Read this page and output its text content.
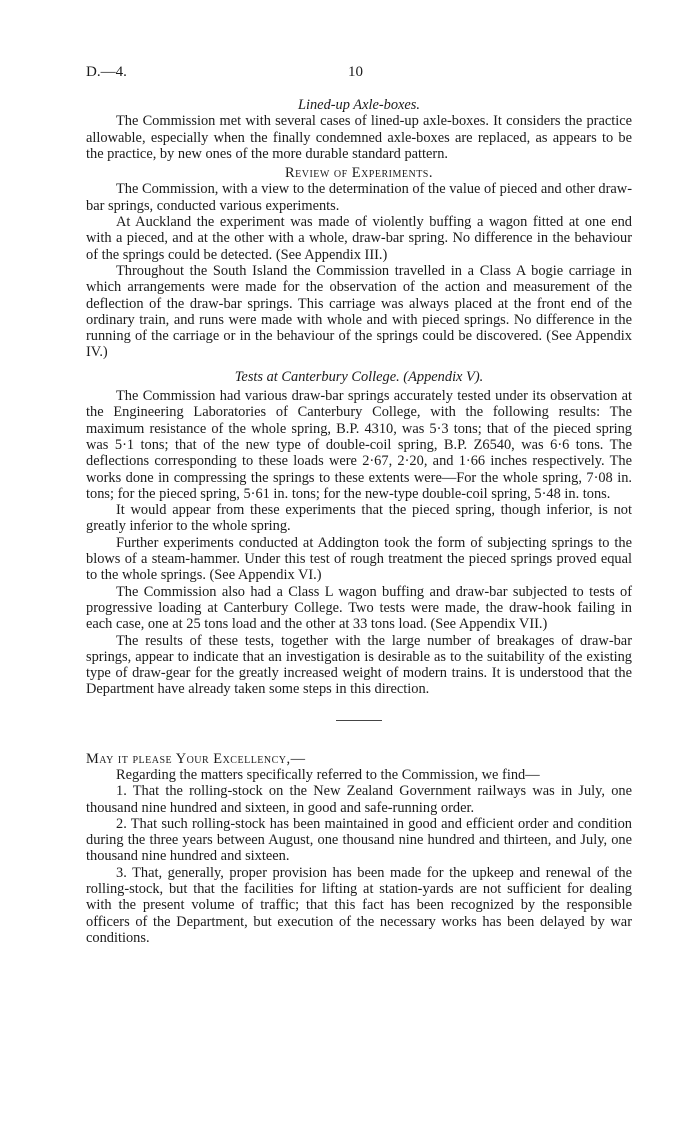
D.—4.	10
Lined-up Axle-boxes.

The Commission met with several cases of lined-up axle-boxes. It considers the practice allowable, especially when the finally condemned axle-boxes are replaced, as appears to be the practice, by new ones of the more durable standard pattern.

Review of Experiments.

The Commission, with a view to the determination of the value of pieced and other draw-bar springs, conducted various experiments.

At Auckland the experiment was made of violently buffing a wagon fitted at one end with a pieced, and at the other with a whole, draw-bar spring. No difference in the behaviour of the springs could be detected. (See Appendix III.)

Throughout the South Island the Commission travelled in a Class A bogie carriage in which arrangements were made for the observation of the action and measurement of the deflection of the draw-bar springs. This carriage was always placed at the front end of the ordinary train, and runs were made with whole and with pieced springs. No difference in the running of the carriage or in the behaviour of the springs could be discovered. (See Appendix IV.)

Tests at Canterbury College. (Appendix V).

The Commission had various draw-bar springs accurately tested under its observation at the Engineering Laboratories of Canterbury College, with the following results: The maximum resistance of the whole spring, B.P. 4310, was 5·3 tons; that of the pieced spring was 5·1 tons; that of the new type of double-coil spring, B.P. Z6540, was 6·6 tons. The deflections corresponding to these loads were 2·67, 2·20, and 1·66 inches respectively. The works done in compressing the springs to these extents were—For the whole spring, 7·08 in. tons; for the pieced spring, 5·61 in. tons; for the new-type double-coil spring, 5·48 in. tons.

It would appear from these experiments that the pieced spring, though inferior, is not greatly inferior to the whole spring.

Further experiments conducted at Addington took the form of subjecting springs to the blows of a steam-hammer. Under this test of rough treatment the pieced springs proved equal to the whole springs. (See Appendix VI.)

The Commission also had a Class L wagon buffing and draw-bar subjected to tests of progressive loading at Canterbury College. Two tests were made, the draw-hook failing in each case, one at 25 tons load and the other at 33 tons load. (See Appendix VII.)

The results of these tests, together with the large number of breakages of draw-bar springs, appear to indicate that an investigation is desirable as to the suitability of the existing type of draw-gear for the greatly increased weight of modern trains. It is understood that the Department have already taken some steps in this direction.

May it please Your Excellency,—

Regarding the matters specifically referred to the Commission, we find—

1. That the rolling-stock on the New Zealand Government railways was in July, one thousand nine hundred and sixteen, in good and safe-running order.

2. That such rolling-stock has been maintained in good and efficient order and condition during the three years between August, one thousand nine hundred and thirteen, and July, one thousand nine hundred and sixteen.

3. That, generally, proper provision has been made for the upkeep and renewal of the rolling-stock, but that the facilities for lifting at station-yards are not sufficient for dealing with the present volume of traffic; that this fact has been recognized by the responsible officers of the Department, but execution of the necessary works has been delayed by war conditions.
